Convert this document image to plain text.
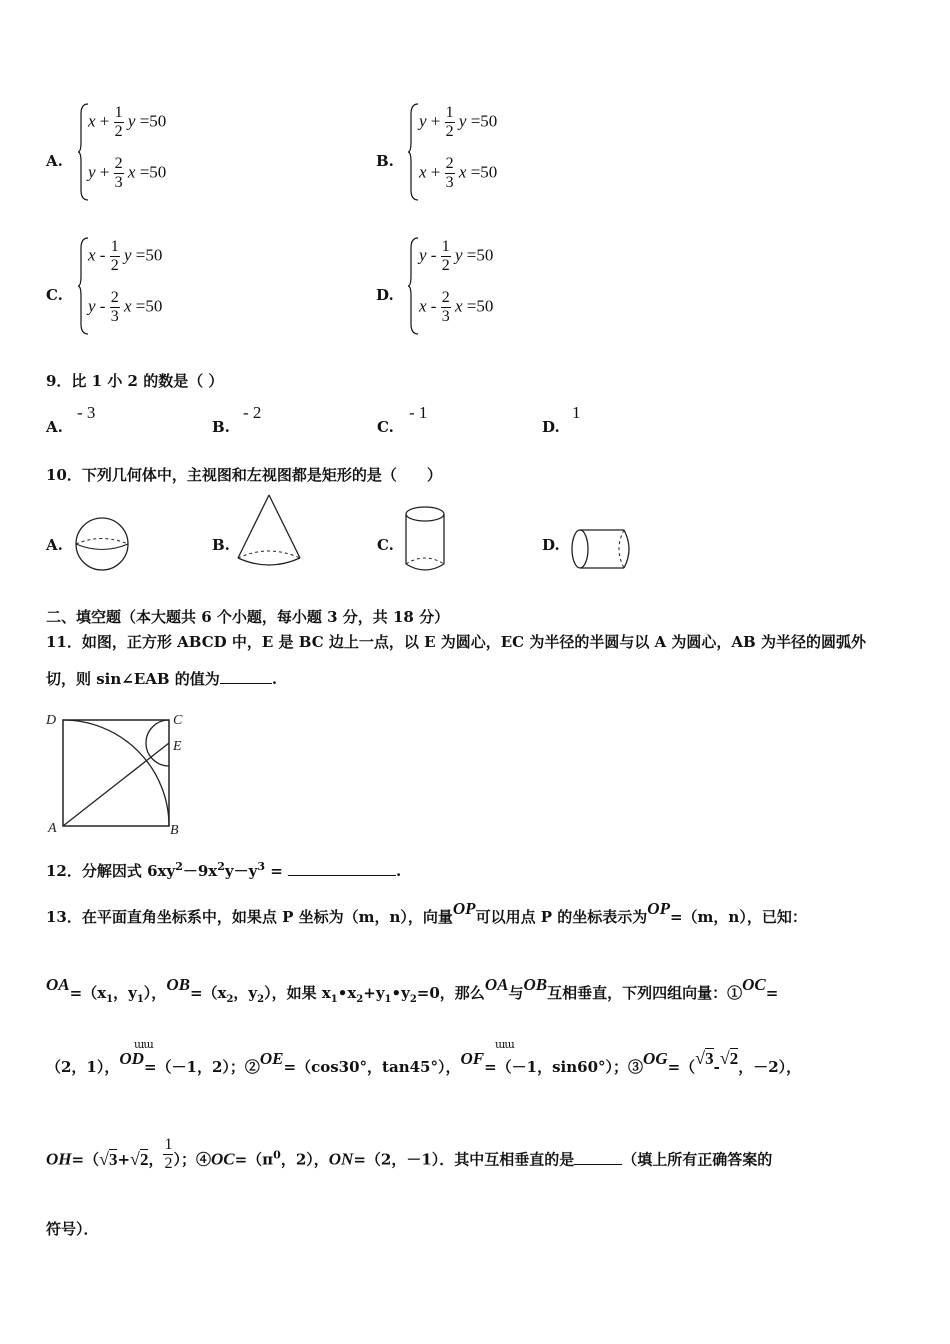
A.
$x + \frac{1}{2}$ y =50
$y + \frac{2}{3}$ x =50
B.
$y + \frac{1}{2}$ y =50
$x + \frac{2}{3}$ x =50
C.
x - $\frac{1}{2}$ y =50
y - $\frac{2}{3}$ x =50
D.
y - $\frac{1}{2}$ y =50
x - $\frac{2}{3}$ x =50
9．比 1 小 2 的数是（ ）
A.
- 3
B.
- 2
C.
- 1
D.
1
10．下列几何体中，主视图和左视图都是矩形的是（　　）
A.	B.	C.	D.
二、填空题（本大题共 6 个小题，每小题 3 分，共 18 分）
11．如图，正方形 ABCD 中，E 是 BC 边上一点，以 E 为圆心，EC 为半径的半圆与以 A 为圆心，AB 为半径的圆弧外
切，则 sin∠EAB 的值为	.
D	C
E
A	B
12．分解因式 $6xy^2-9x^2y-y^3$ =	.
13．在平面直角坐标系中，如果点 P 坐标为（m，n），向量OP可以用点 P 的坐标表示为OP=（m，n），已知：
$OA=(x_1$，$y_1$），$OB=(x_2$，$y_2$），如果 $x_1•x_2+y_1•y_2=0$，那么OA与OB互相垂直，下列四组向量：①OC=
ɯɯ	ɯɯ
（2，1），OD=（－1，2）；②OE=（cos30°，tan45°），OF=（－1，sin60°）；③OG=（√3-√2，－2），
OH=（√3+√2， $\frac{1}{2}$ ）；$④OC=(\pi^0$，2），ON=（2，－1）．其中互相垂直的是	（填上所有正确答案的
符号）．
